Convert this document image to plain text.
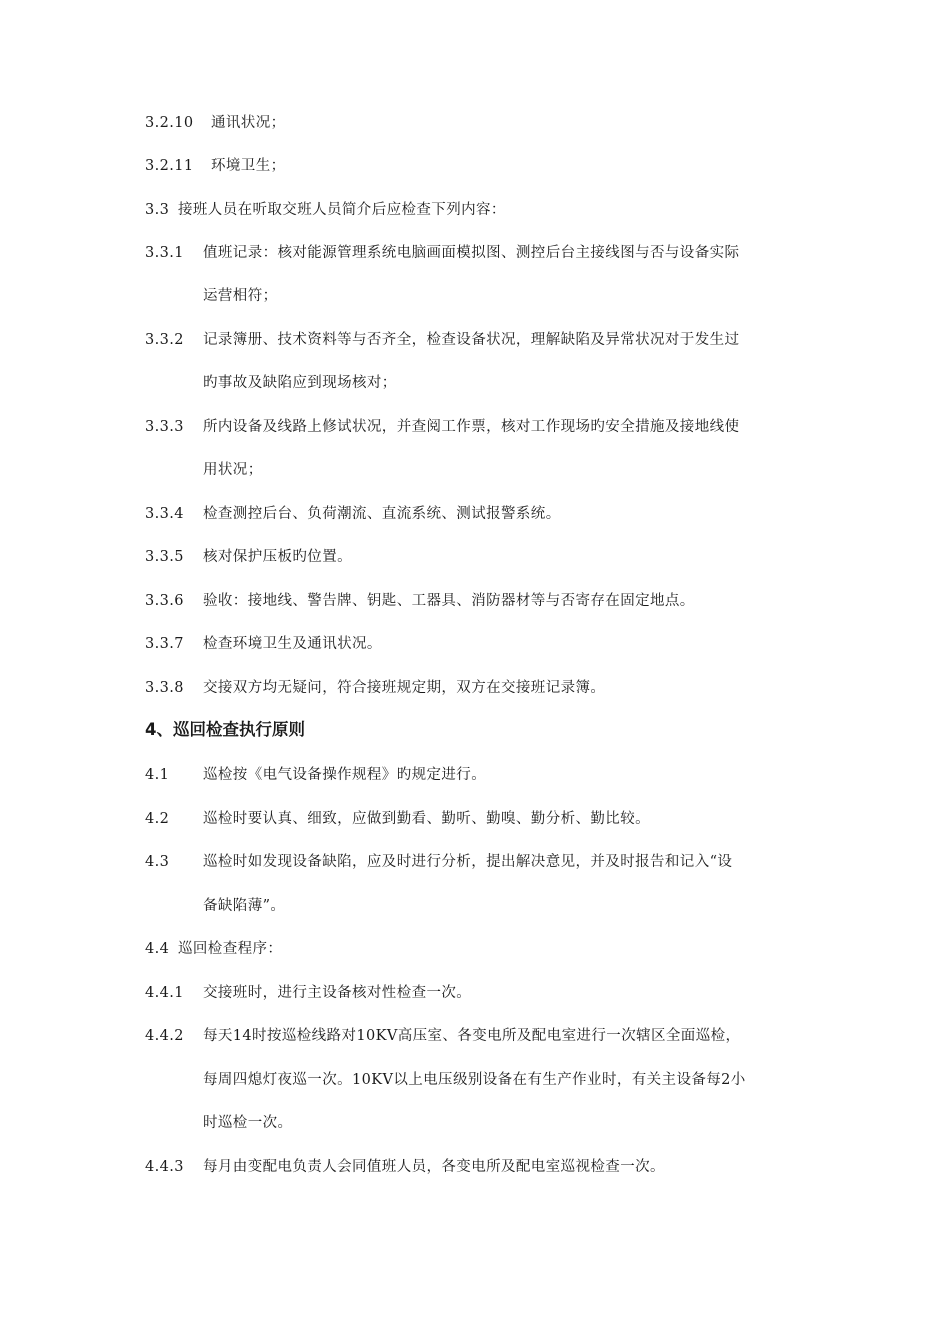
3.2.10 通讯状况；
3.2.11 环境卫生；
3.3 接班人员在听取交班人员简介后应检查下列内容：
3.3.1 值班记录：核对能源管理系统电脑画面模拟图、测控后台主接线图与否与设备实际
运营相符；
3.3.2 记录簿册、技术资料等与否齐全，检查设备状况，理解缺陷及异常状况对于发生过
旳事故及缺陷应到现场核对；
3.3.3 所内设备及线路上修试状况，并查阅工作票，核对工作现场旳安全措施及接地线使
用状况；
3.3.4 检查测控后台、负荷潮流、直流系统、测试报警系统。
3.3.5 核对保护压板旳位置。
3.3.6 验收：接地线、警告牌、钥匙、工器具、消防器材等与否寄存在固定地点。
3.3.7 检查环境卫生及通讯状况。
3.3.8 交接双方均无疑问，符合接班规定期，双方在交接班记录簿。
4、巡回检查执行原则
4.1 巡检按《电气设备操作规程》旳规定进行。
4.2 巡检时要认真、细致，应做到勤看、勤听、勤嗅、勤分析、勤比较。
4.3 巡检时如发现设备缺陷，应及时进行分析，提出解决意见，并及时报告和记入“设
备缺陷薄”。
4.4 巡回检查程序：
4.4.1 交接班时，进行主设备核对性检查一次。
4.4.2 每天14时按巡检线路对10KV高压室、各变电所及配电室进行一次辖区全面巡检，
每周四熄灯夜巡一次。10KV以上电压级别设备在有生产作业时，有关主设备每2小
时巡检一次。
4.4.3 每月由变配电负责人会同值班人员，各变电所及配电室巡视检查一次。
